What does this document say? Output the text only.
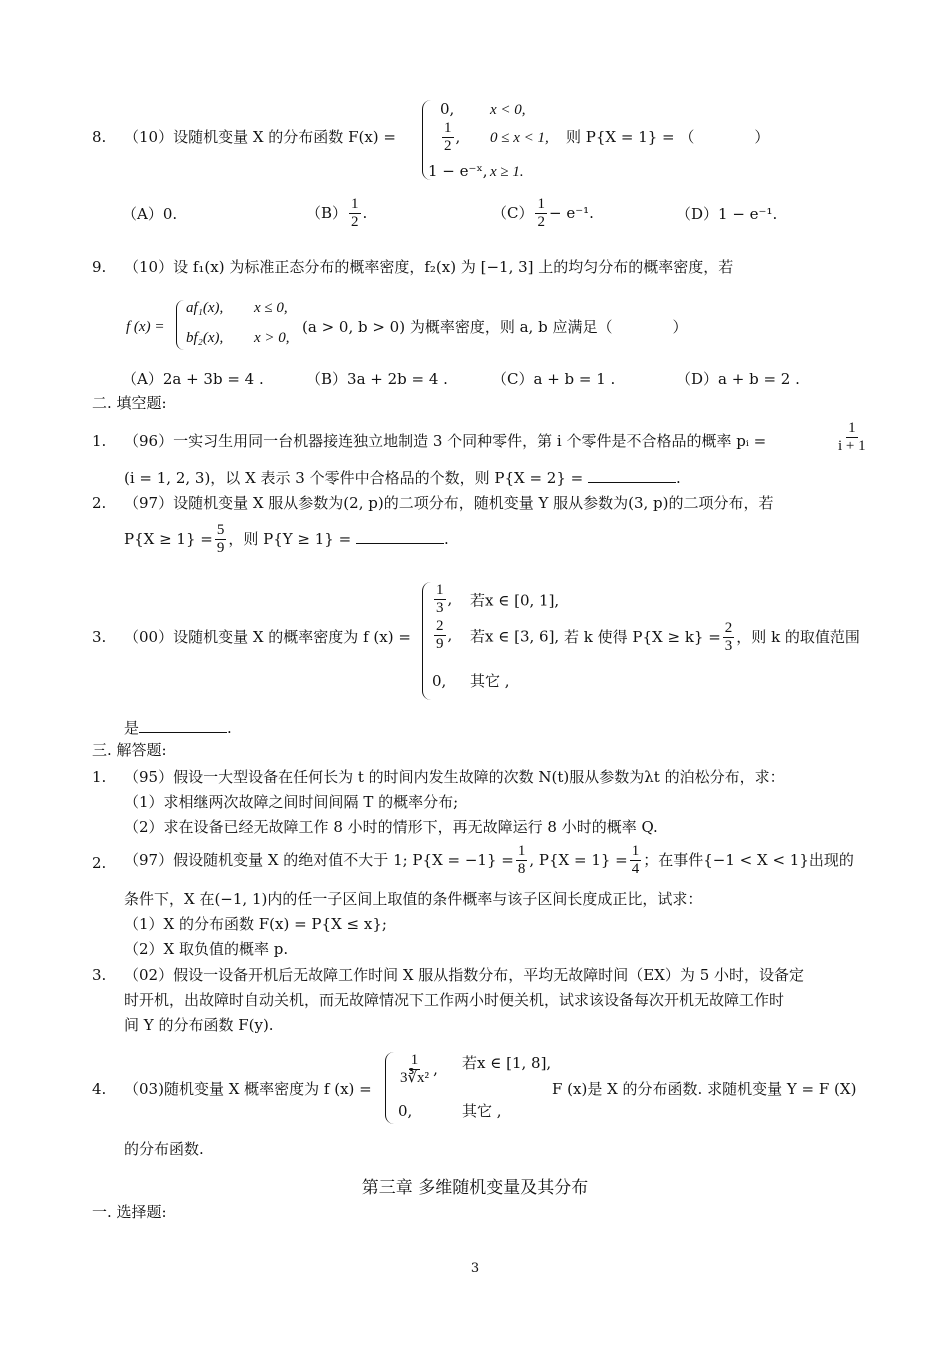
8. （10）设随机变量 X 的分布函数 F(x) =
0, x < 0,
$\frac{1}{2}$ , 0 ≤ x < 1,
1 − e⁻ˣ, x ≥ 1.
则 P{X = 1} = （　　　　）
（A）0.	$(B) \frac{1}{2}$ .	$(C) \frac{1}{2} - e^{-1}$.	（D）1 − e⁻¹.
9. （10）设 f₁(x) 为标准正态分布的概率密度，f₂(x) 为 [−1, 3] 上的均匀分布的概率密度，若
f (x) =
af₁(x), x ≤ 0,
bf₂(x), x > 0,
(a > 0, b > 0) 为概率密度，则 a, b 应满足（　　　　）
（A）2a + 3b = 4 .	（B）3a + 2b = 4 .	（C）a + b = 1 .	（D）a + b = 2 .
二. 填空题:
1. （96）一实习生用同一台机器接连独立地制造 3 个同种零件，第 i 个零件是不合格品的概率 pᵢ =	$\frac{1}{i + 1}$
(i = 1, 2, 3)，以 X 表示 3 个零件中合格品的个数，则 P{X = 2} =	.
2. （97）设随机变量 X 服从参数为(2, p)的二项分布，随机变量 Y 服从参数为(3, p)的二项分布，若
$P\{X \ge 1\} = \frac{5}{9}$ ，则 P{Y ≥ 1} =	.
3. （00）设随机变量 X 的概率密度为 f (x) =
$\frac{1}{3}$ , 若x ∈ [0, 1],
$\frac{2}{9}$ , 若x ∈ [3, 6],
0, 其它 ,
若 k 使得 $P\{X \ge k\} = \frac{2}{3}$ ，则 k 的取值范围
是	.
三. 解答题:
1. （95）假设一大型设备在任何长为 t 的时间内发生故障的次数 N(t)服从参数为λt 的泊松分布，求：
（1）求相继两次故障之间时间间隔 T 的概率分布;
（2）求在设备已经无故障工作 8 小时的情形下，再无故障运行 8 小时的概率 Q.
2. （97）假设随机变量 X 的绝对值不大于 1; $P\{X = -1\} = \frac{1}{8}$ , $P\{X = 1\} = \frac{1}{4}$ ；在事件{−1 < X < 1}出现的
条件下，X 在(−1, 1)内的任一子区间上取值的条件概率与该子区间长度成正比，试求：
（1）X 的分布函数 F(x) = P{X ≤ x};
（2）X 取负值的概率 p.
3. （02）假设一设备开机后无故障工作时间 X 服从指数分布，平均无故障时间（EX）为 5 小时，设备定
时开机，出故障时自动关机，而无故障情况下工作两小时便关机，试求该设备每次开机无故障工作时
间 Y 的分布函数 F(y).
4. （03)随机变量 X 概率密度为 f (x) =
$\frac{1}{\text{3∛x²}}$ , 若x ∈ [1, 8],
0,	其它 ,
F (x)是 X 的分布函数. 求随机变量 Y = F (X)
的分布函数.
第三章 多维随机变量及其分布
一. 选择题:
3
